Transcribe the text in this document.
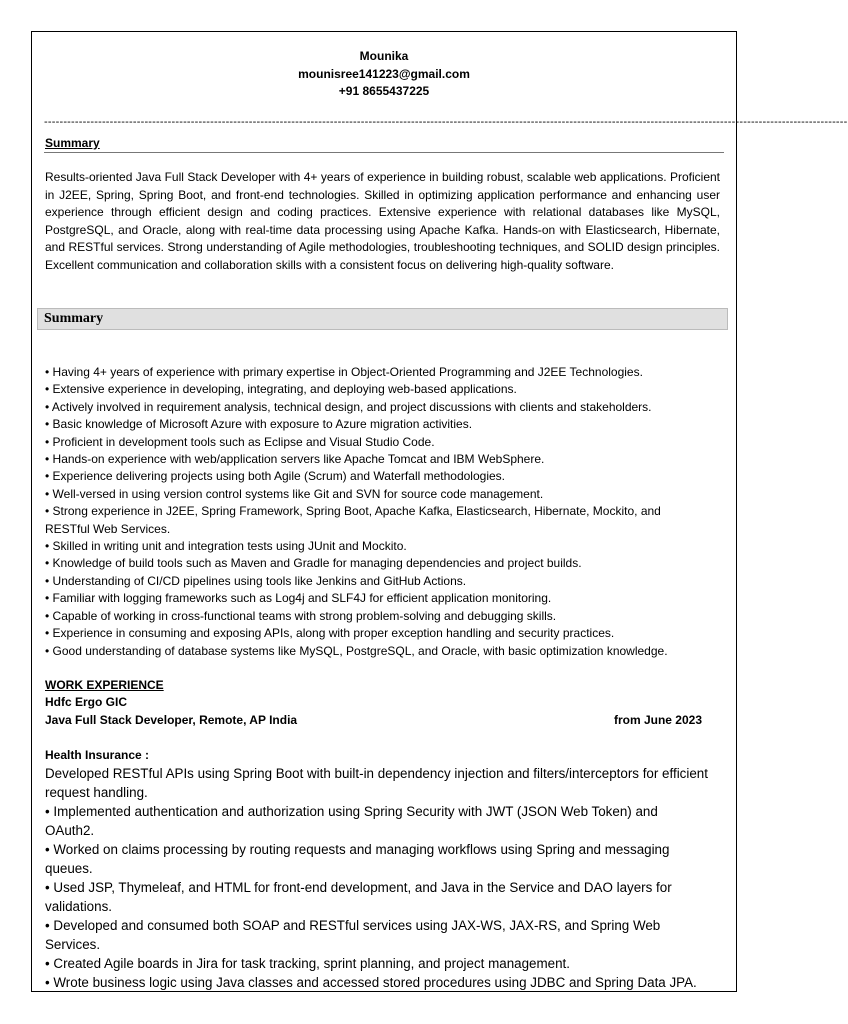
Mounika
mounisree141223@gmail.com
+91 8655437225
----------------------------------------------------------------------------------------------------------------------------------------------------------------------------------------------------------------
Summary
Results-oriented Java Full Stack Developer with 4+ years of experience in building robust, scalable web applications. Proficient in J2EE, Spring, Spring Boot, and front-end technologies. Skilled in optimizing application performance and enhancing user experience through efficient design and coding practices. Extensive experience with relational databases like MySQL, PostgreSQL, and Oracle, along with real-time data processing using Apache Kafka. Hands-on with Elasticsearch, Hibernate, and RESTful services. Strong understanding of Agile methodologies, troubleshooting techniques, and SOLID design principles. Excellent communication and collaboration skills with a consistent focus on delivering high-quality software.
Summary
• Having 4+ years of experience with primary expertise in Object-Oriented Programming and J2EE Technologies.
• Extensive experience in developing, integrating, and deploying web-based applications.
• Actively involved in requirement analysis, technical design, and project discussions with clients and stakeholders.
• Basic knowledge of Microsoft Azure with exposure to Azure migration activities.
• Proficient in development tools such as Eclipse and Visual Studio Code.
• Hands-on experience with web/application servers like Apache Tomcat and IBM WebSphere.
• Experience delivering projects using both Agile (Scrum) and Waterfall methodologies.
• Well-versed in using version control systems like Git and SVN for source code management.
• Strong experience in J2EE, Spring Framework, Spring Boot, Apache Kafka, Elasticsearch, Hibernate, Mockito, and RESTful Web Services.
• Skilled in writing unit and integration tests using JUnit and Mockito.
• Knowledge of build tools such as Maven and Gradle for managing dependencies and project builds.
• Understanding of CI/CD pipelines using tools like Jenkins and GitHub Actions.
• Familiar with logging frameworks such as Log4j and SLF4J for efficient application monitoring.
• Capable of working in cross-functional teams with strong problem-solving and debugging skills.
• Experience in consuming and exposing APIs, along with proper exception handling and security practices.
• Good understanding of database systems like MySQL, PostgreSQL, and Oracle, with basic optimization knowledge.
WORK EXPERIENCE
Hdfc Ergo GIC
Java Full Stack Developer, Remote, AP India	from June 2023
Health Insurance :
Developed RESTful APIs using Spring Boot with built-in dependency injection and filters/interceptors for efficient request handling.
• Implemented authentication and authorization using Spring Security with JWT (JSON Web Token) and OAuth2.
• Worked on claims processing by routing requests and managing workflows using Spring and messaging queues.
• Used JSP, Thymeleaf, and HTML for front-end development, and Java in the Service and DAO layers for validations.
• Developed and consumed both SOAP and RESTful services using JAX-WS, JAX-RS, and Spring Web Services.
• Created Agile boards in Jira for task tracking, sprint planning, and project management.
• Wrote business logic using Java classes and accessed stored procedures using JDBC and Spring Data JPA.
